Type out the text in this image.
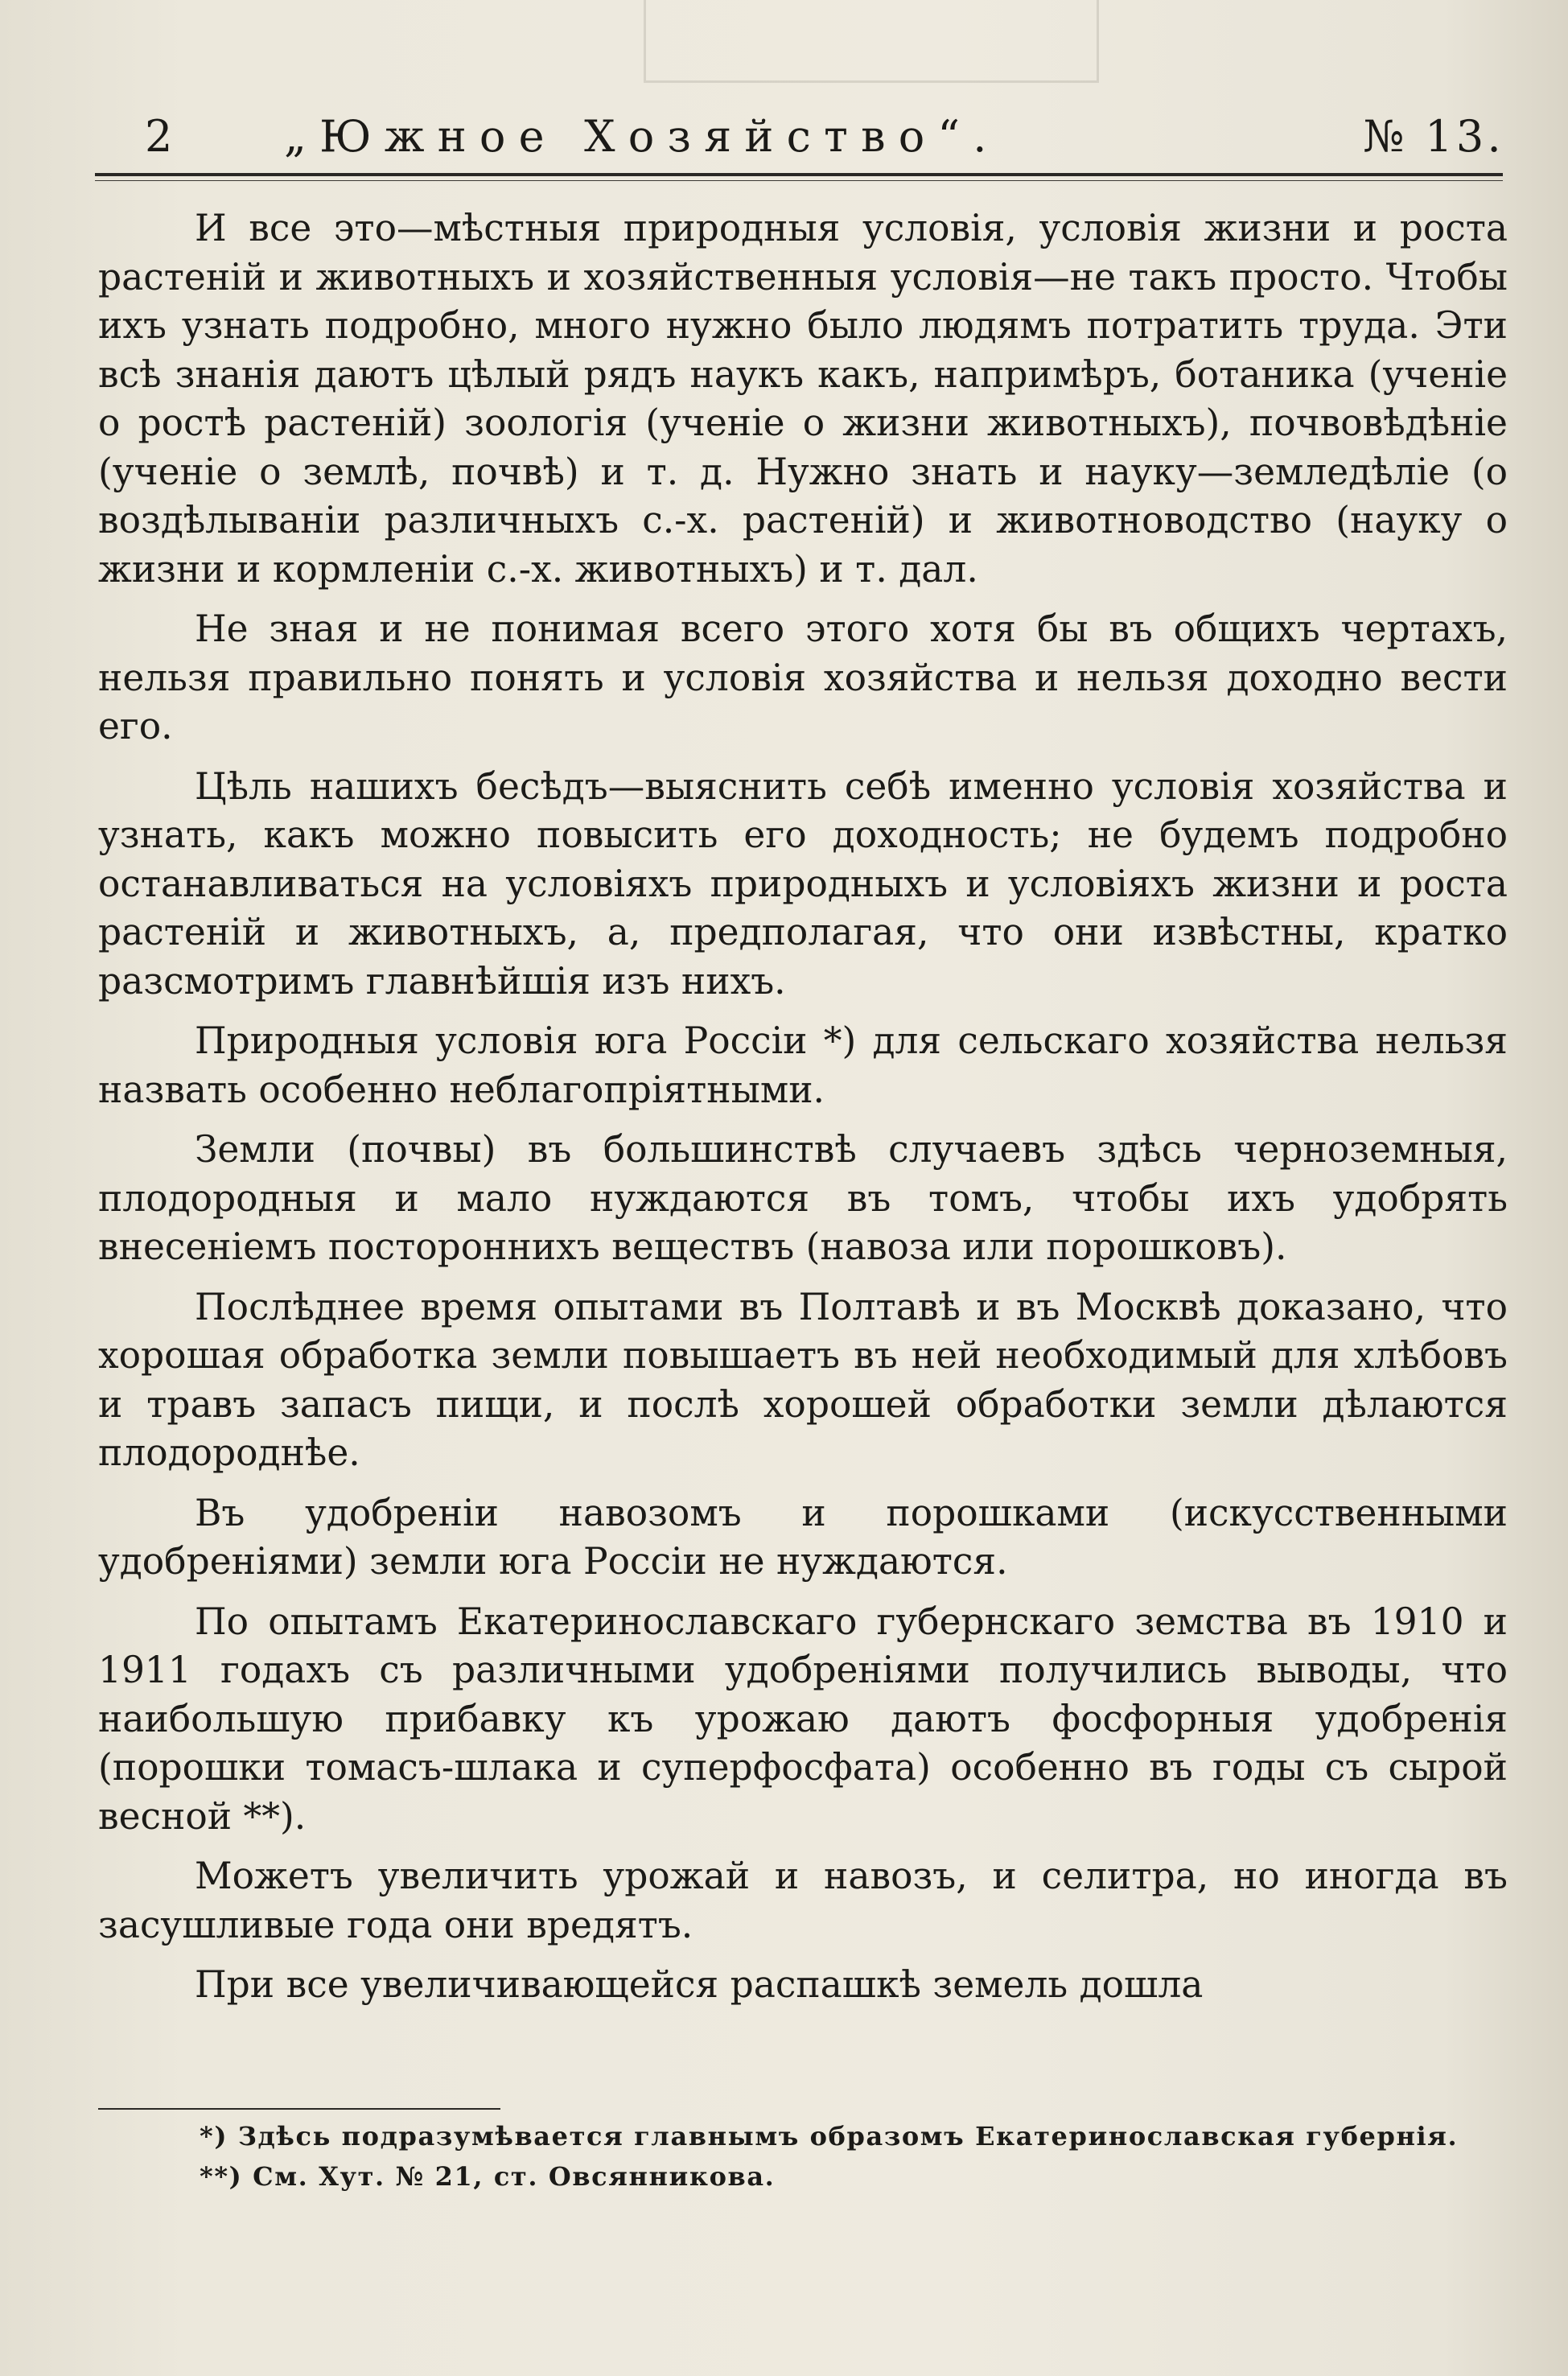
2	„Южное Хозяйство“.	№ 13.

И все это—мѣстныя природныя условія, условія жизни и роста растеній и животныхъ и хозяйственныя условія—не такъ просто. Чтобы ихъ узнать подробно, много нужно было людямъ потратить труда. Эти всѣ знанія даютъ цѣлый рядъ наукъ какъ, напримѣръ, ботаника (ученіе о ростѣ растеній) зоологія (ученіе о жизни животныхъ), почвовѣдѣніе (ученіе о землѣ, почвѣ) и т. д. Нужно знать и науку—земледѣліе (о воздѣлываніи различныхъ с.-х. растеній) и животноводство (науку о жизни и кормленіи с.-х. животныхъ) и т. дал.

Не зная и не понимая всего этого хотя бы въ общихъ чертахъ, нельзя правильно понять и условія хозяйства и нельзя доходно вести его.

Цѣль нашихъ бесѣдъ—выяснить себѣ именно условія хозяйства и узнать, какъ можно повысить его доходность; не будемъ подробно останавливаться на условіяхъ природныхъ и условіяхъ жизни и роста растеній и животныхъ, а, предполагая, что они извѣстны, кратко разсмотримъ главнѣйшія изъ нихъ.

Природныя условія юга Россіи *) для сельскаго хозяйства нельзя назвать особенно неблагопріятными.

Земли (почвы) въ большинствѣ случаевъ здѣсь черноземныя, плодородныя и мало нуждаются въ томъ, чтобы ихъ удобрять внесеніемъ постороннихъ веществъ (навоза или порошковъ).

Послѣднее время опытами въ Полтавѣ и въ Москвѣ доказано, что хорошая обработка земли повышаетъ въ ней необходимый для хлѣбовъ и травъ запасъ пищи, и послѣ хорошей обработки земли дѣлаются плодороднѣе.

Въ удобреніи навозомъ и порошками (искусственными удобреніями) земли юга Россіи не нуждаются.

По опытамъ Екатеринославскаго губернскаго земства въ 1910 и 1911 годахъ съ различными удобреніями получились выводы, что наибольшую прибавку къ урожаю даютъ фосфорныя удобренія (порошки томасъ-шлака и суперфосфата) особенно въ годы съ сырой весной **).

Можетъ увеличить урожай и навозъ, и селитра, но иногда въ засушливые года они вредятъ.

При все увеличивающейся распашкѣ земель дошла

*) Здѣсь подразумѣвается главнымъ образомъ Екатеринославская губернія.

**) См. Хут. № 21, ст. Овсянникова.
